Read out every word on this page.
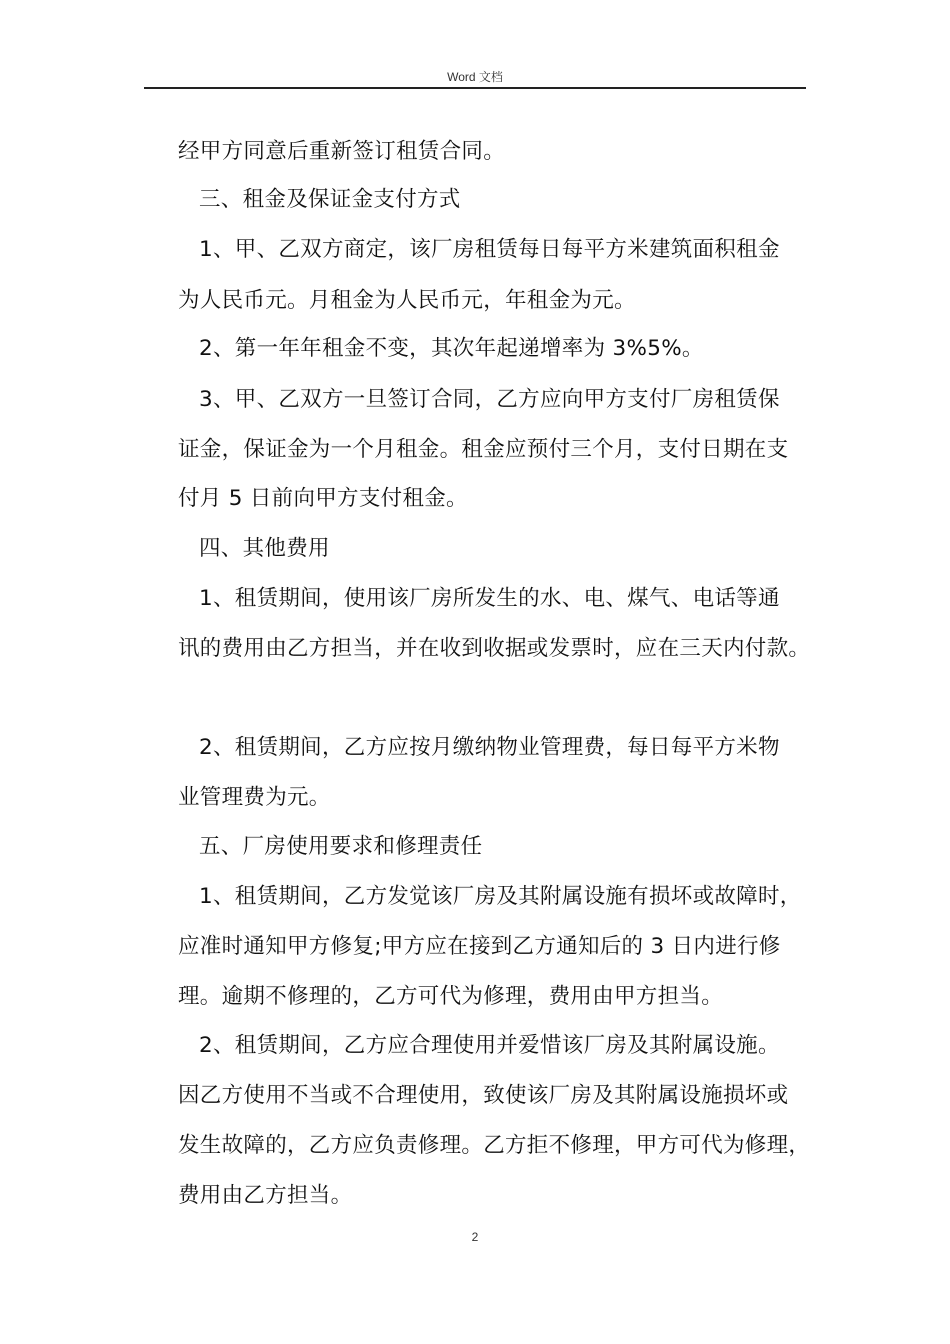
Word 文档
经甲方同意后重新签订租赁合同。
三、租金及保证金支付方式
1、甲、乙双方商定，该厂房租赁每日每平方米建筑面积租金
为人民币元。月租金为人民币元，年租金为元。
2、第一年年租金不变，其次年起递增率为 3%5%。
3、甲、乙双方一旦签订合同，乙方应向甲方支付厂房租赁保
证金，保证金为一个月租金。租金应预付三个月，支付日期在支
付月 5 日前向甲方支付租金。
四、其他费用
1、租赁期间，使用该厂房所发生的水、电、煤气、电话等通
讯的费用由乙方担当，并在收到收据或发票时，应在三天内付款。
2、租赁期间，乙方应按月缴纳物业管理费，每日每平方米物
业管理费为元。
五、厂房使用要求和修理责任
1、租赁期间，乙方发觉该厂房及其附属设施有损坏或故障时，
应准时通知甲方修复;甲方应在接到乙方通知后的 3 日内进行修
理。逾期不修理的，乙方可代为修理，费用由甲方担当。
2、租赁期间，乙方应合理使用并爱惜该厂房及其附属设施。
因乙方使用不当或不合理使用，致使该厂房及其附属设施损坏或
发生故障的，乙方应负责修理。乙方拒不修理，甲方可代为修理，
费用由乙方担当。
2
